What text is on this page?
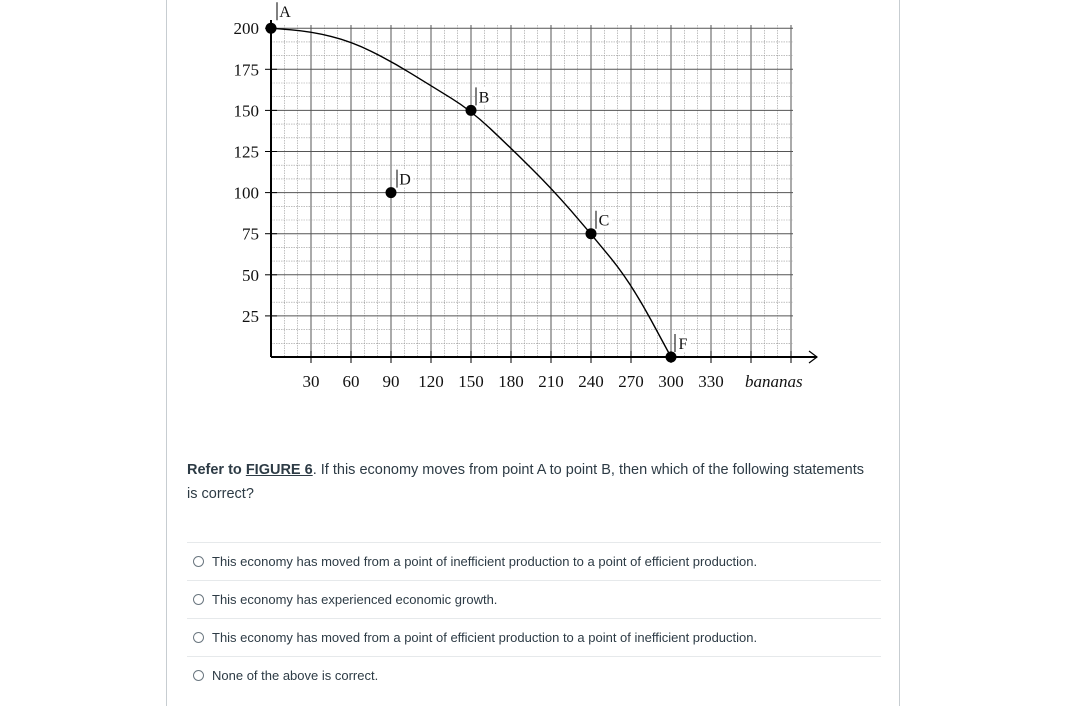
30 60 90 120 150 180 210 240 270 300 330 bananas
200
175
150
125
100
75
50
25
A
B
C
D
F
Refer to FIGURE 6. If this economy moves from point A to point B, then which of the following statements is correct?
This economy has moved from a point of inefficient production to a point of efficient production.
This economy has experienced economic growth.
This economy has moved from a point of efficient production to a point of inefficient production.
None of the above is correct.
